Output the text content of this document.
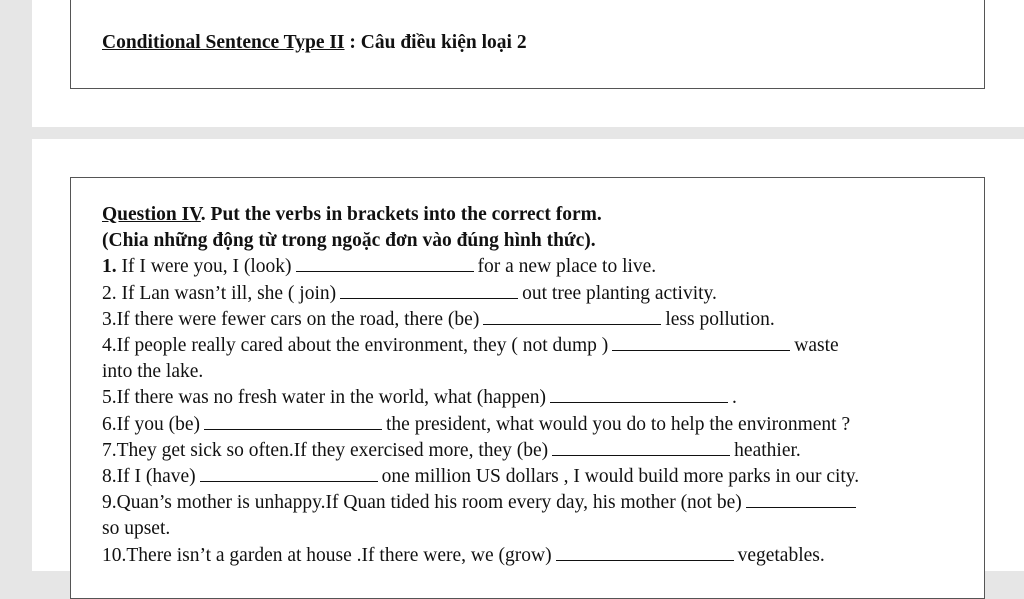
Conditional Sentence Type II : Câu điều kiện loại 2
Question IV. Put the verbs in brackets into the correct form.
(Chia những động từ trong ngoặc đơn vào đúng hình thức).
1. If I were you, I (look)	for a new place to live.
2. If Lan wasn’t ill, she ( join)	out tree planting activity.
3.If there were fewer cars on the road, there (be)	less pollution.
4.If people really cared about the environment, they ( not dump )	waste
into the lake.
5.If there was no fresh water in the world, what (happen)	.
6.If you (be)	the president, what would you do to help the environment ?
7.They get sick so often.If they exercised more, they (be)	heathier.
8.If I (have)	one million US dollars , I would build more parks in our city.
9.Quan’s mother is unhappy.If Quan tided his room every day, his mother (not be)
so upset.
10.There isn’t a garden at house .If there were, we (grow)	vegetables.
